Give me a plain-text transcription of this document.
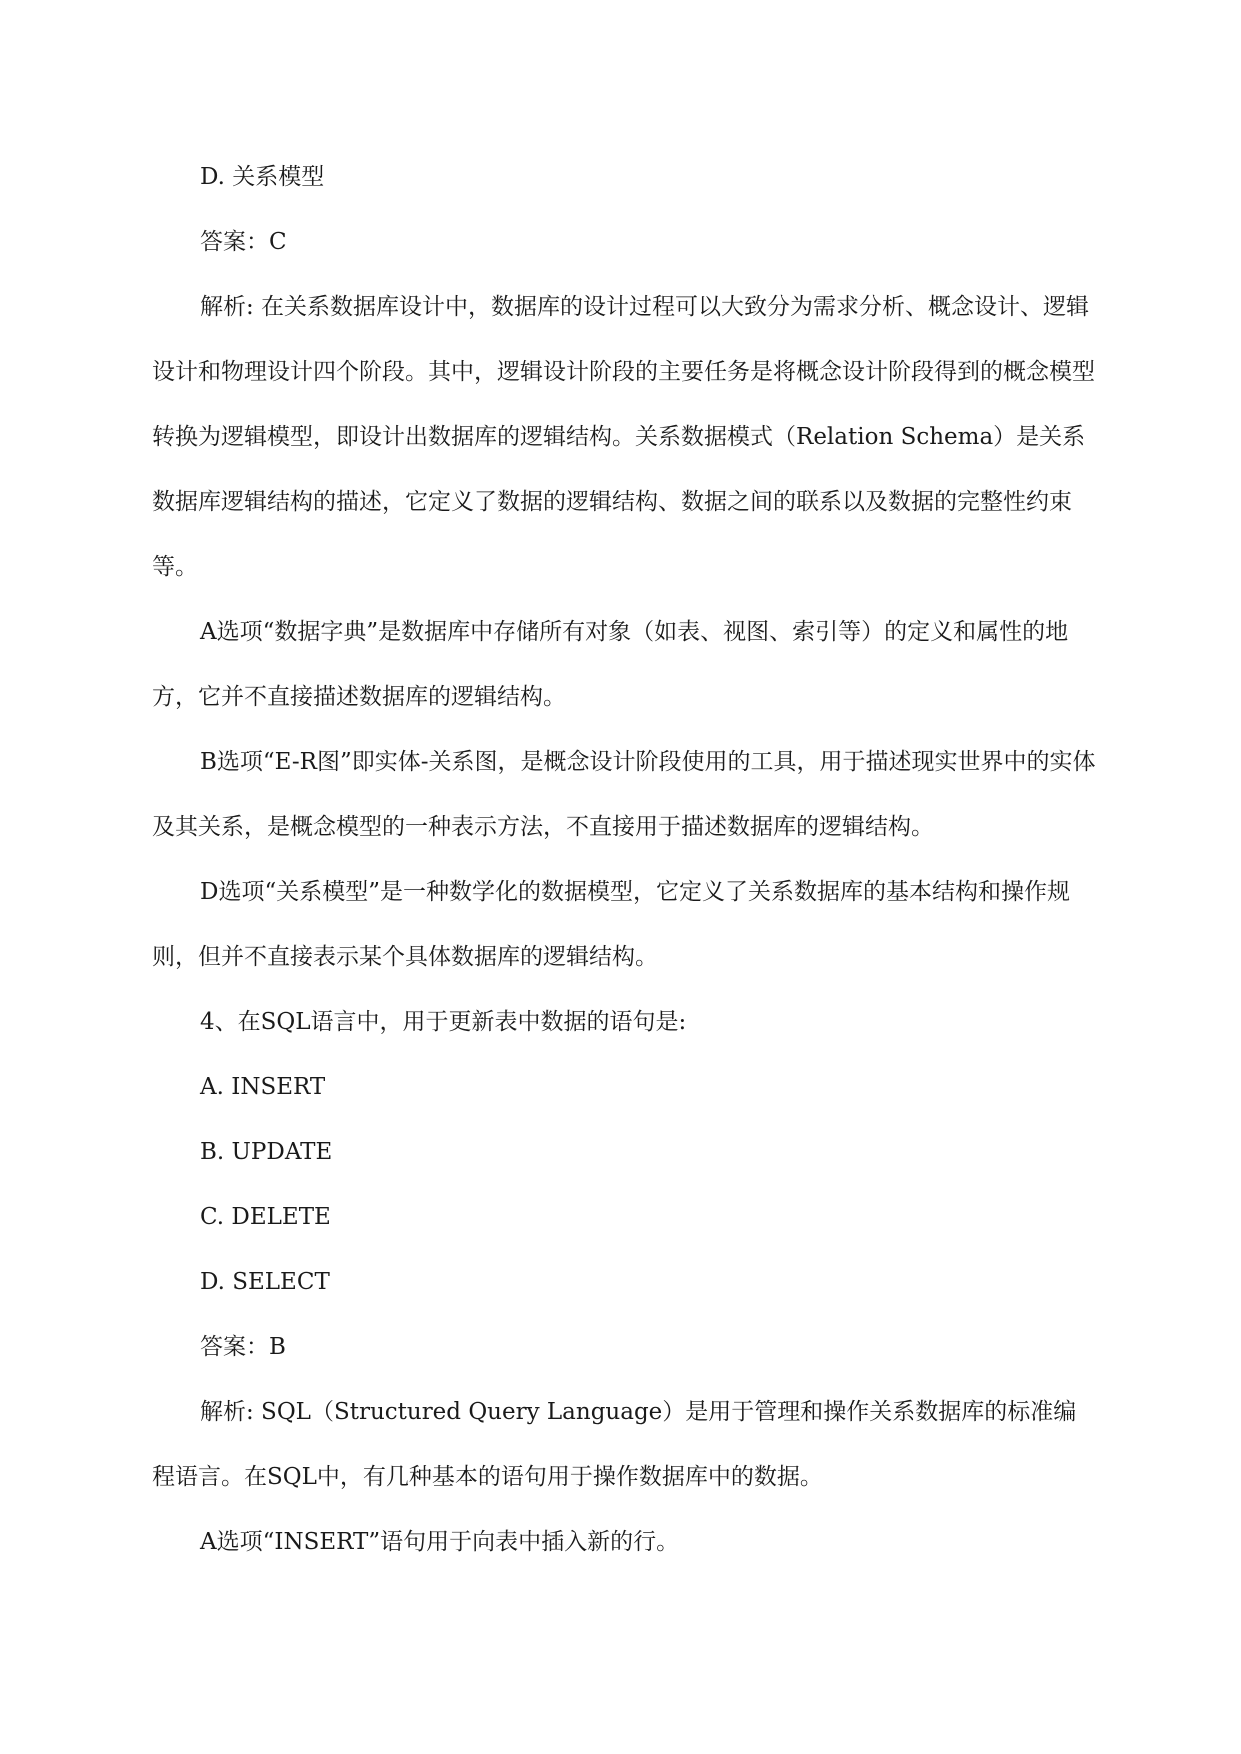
D. 关系模型

答案：C

解析: 在关系数据库设计中，数据库的设计过程可以大致分为需求分析、概念设计、逻辑设计和物理设计四个阶段。其中，逻辑设计阶段的主要任务是将概念设计阶段得到的概念模型转换为逻辑模型，即设计出数据库的逻辑结构。关系数据模式（Relation Schema）是关系数据库逻辑结构的描述，它定义了数据的逻辑结构、数据之间的联系以及数据的完整性约束等。

A选项“数据字典”是数据库中存储所有对象（如表、视图、索引等）的定义和属性的地方，它并不直接描述数据库的逻辑结构。

B选项“E-R图”即实体-关系图，是概念设计阶段使用的工具，用于描述现实世界中的实体及其关系，是概念模型的一种表示方法，不直接用于描述数据库的逻辑结构。

D选项“关系模型”是一种数学化的数据模型，它定义了关系数据库的基本结构和操作规则，但并不直接表示某个具体数据库的逻辑结构。

4、在SQL语言中，用于更新表中数据的语句是:

A. INSERT

B. UPDATE

C. DELETE

D. SELECT

答案：B

解析: SQL（Structured Query Language）是用于管理和操作关系数据库的标准编程语言。在SQL中，有几种基本的语句用于操作数据库中的数据。

A选项“INSERT”语句用于向表中插入新的行。
